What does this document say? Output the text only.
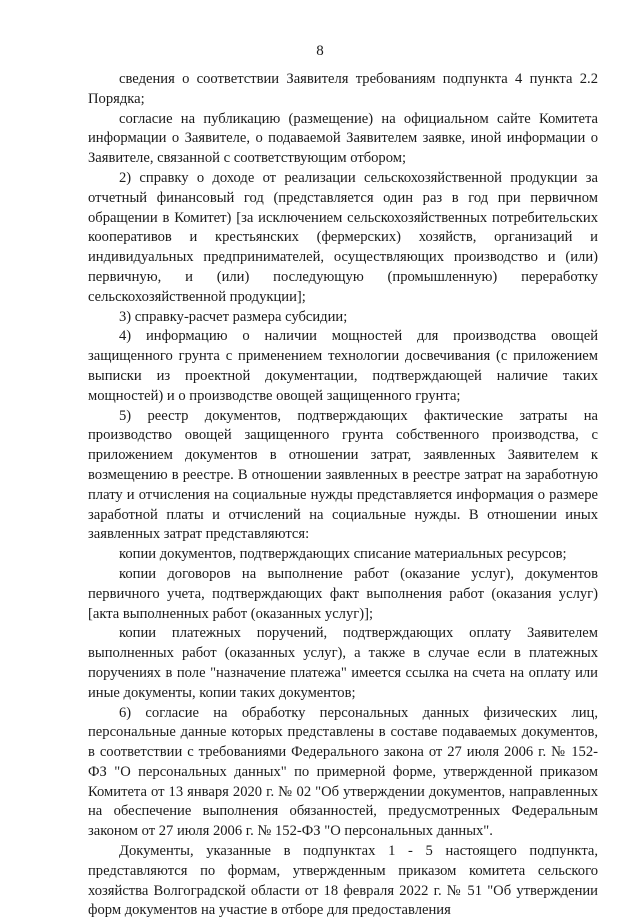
8

сведения о соответствии Заявителя требованиям подпункта 4 пункта 2.2 Порядка;

согласие на публикацию (размещение) на официальном сайте Комитета информации о Заявителе, о подаваемой Заявителем заявке, иной информации о Заявителе, связанной с соответствующим отбором;

2) справку о доходе от реализации сельскохозяйственной продукции за отчетный финансовый год (представляется один раз в год при первичном обращении в Комитет) [за исключением сельскохозяйственных потребительских кооперативов и крестьянских (фермерских) хозяйств, организаций и индивидуальных предпринимателей, осуществляющих производство и (или) первичную, и (или) последующую (промышленную) переработку сельскохозяйственной продукции];

3) справку-расчет размера субсидии;

4) информацию о наличии мощностей для производства овощей защищенного грунта с применением технологии досвечивания (с приложением выписки из проектной документации, подтверждающей наличие таких мощностей) и о производстве овощей защищенного грунта;

5) реестр документов, подтверждающих фактические затраты на производство овощей защищенного грунта собственного производства, с приложением документов в отношении затрат, заявленных Заявителем к возмещению в реестре. В отношении заявленных в реестре затрат на заработную плату и отчисления на социальные нужды представляется информация о размере заработной платы и отчислений на социальные нужды. В отношении иных заявленных затрат представляются:

копии документов, подтверждающих списание материальных ресурсов;

копии договоров на выполнение работ (оказание услуг), документов первичного учета, подтверждающих факт выполнения работ (оказания услуг) [акта выполненных работ (оказанных услуг)];

копии платежных поручений, подтверждающих оплату Заявителем выполненных работ (оказанных услуг), а также в случае если в платежных поручениях в поле "назначение платежа" имеется ссылка на счета на оплату или иные документы, копии таких документов;

6) согласие на обработку персональных данных физических лиц, персональные данные которых представлены в составе подаваемых документов, в соответствии с требованиями Федерального закона от 27 июля 2006 г. № 152-ФЗ "О персональных данных" по примерной форме, утвержденной приказом Комитета от 13 января 2020 г. № 02 "Об утверждении документов, направленных на обеспечение выполнения обязанностей, предусмотренных Федеральным законом от 27 июля 2006 г. № 152-ФЗ "О персональных данных".

Документы, указанные в подпунктах 1 - 5 настоящего подпункта, представляются по формам, утвержденным приказом комитета сельского хозяйства Волгоградской области от 18 февраля 2022 г. № 51 "Об утверждении форм документов на участие в отборе для предоставления
